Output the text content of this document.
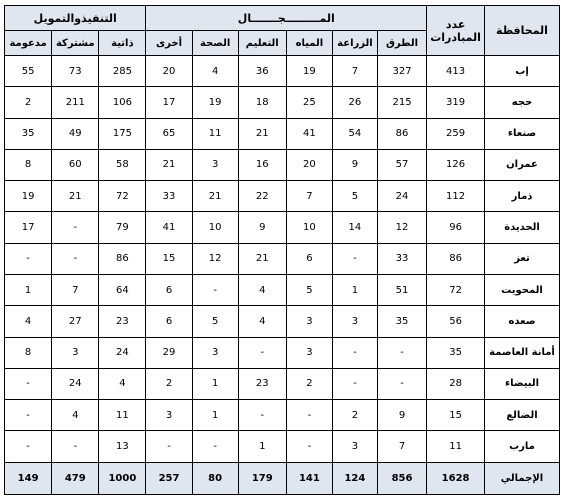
المحافظة	عدد المبادرات	المـــــــــجـــــــال						التنفيذوالتمويل		
		الطرق	الزراعة	المياه	التعليم	الصحة	أخرى	ذاتية	مشتركة	مدعومة
إب	413	327	7	19	36	4	20	285	73	55
حجه	319	215	26	25	18	19	17	106	211	2
صنعاء	259	86	54	41	21	11	65	175	49	35
عمران	126	57	9	20	16	3	21	58	60	8
ذمار	112	24	5	7	22	21	33	72	21	19
الحديدة	96	12	14	10	9	10	41	79	-	17
تعز	86	33	-	6	21	12	15	86	-	-
المحويت	72	51	1	5	4	-	6	64	7	1
صعده	56	35	3	3	4	5	6	23	27	4
أمانة العاصمة	35	-	-	3	-	3	29	24	3	8
البيضاء	28	-	-	2	23	1	2	4	24	-
الضالع	15	9	2	-	-	1	3	11	4	-
مارب	11	7	3	-	1	-	-	13	-	-
الإجمالي	1628	856	124	141	179	80	257	1000	479	149
